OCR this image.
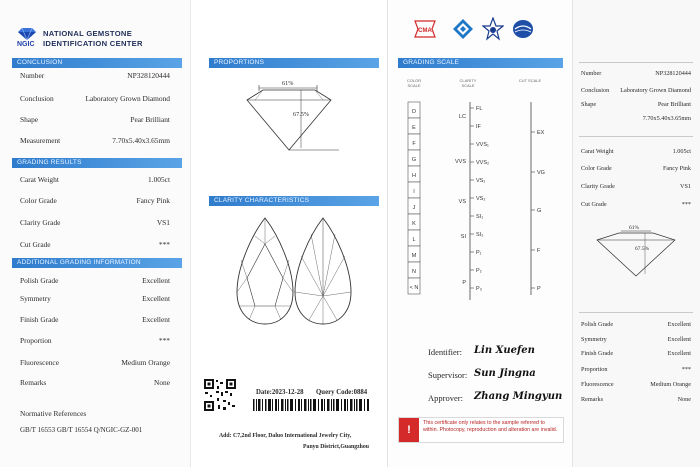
NGIC
NATIONAL GEMSTONE
IDENTIFICATION CENTER
CONCLUSION
Number	NP328120444
Conclusion	Laboratory Grown Diamond
Shape	Pear Brilliant
Measurement	7.70x5.40x3.65mm
GRADING RESULTS
Carat Weight	1.005ct
Color Grade	Fancy Pink
Clarity Grade	VS1
Cut Grade	***
ADDITIONAL GRADING INFORMATION
Polish Grade	Excellent
Symmetry	Excellent
Finish Grade	Excellent
Proportion	***
Fluorescence	Medium Orange
Remarks	None
Normative References
GB/T 16553 GB/T 16554 Q/NGIC-GZ-001
PROPORTIONS
61%
67.5%
CLARITY CHARACTERISTICS
Date:2023-12-28 Query Code:0884
Add: C7,2nd Floor, Daluo International Jewelry City,
Panyu District,Guangzhou
CMA
GRADING SCALE
COLOR SCALE
CLARITY SCALE
CUT SCALE
D
E
F
G
H
I
J
K
L
M
N
< N
FL
IF
VVS₁
VVS₂
VS₁
VS₂
SI₁
SI₂
P₁
P₂
P₃
LC
VVS
VS
SI
P
EX
VG
G
F
P
Identifier: Lin Xuefen
Supervisor: Sun Jingna
Approver: Zhang Mingyun
!
This certificate only relates to the sample referred to within. Photocopy, reproduction and alteration are invalid.
Number	NP328120444
Conclusion Laboratory Grown Diamond
Shape	Pear Brilliant
7.70x5.40x3.65mm
Carat Weight	1.005ct
Color Grade	Fancy Pink
Clarity Grade	VS1
Cut Grade	***
61%
67.5%
Polish Grade	Excellent
Symmetry	Excellent
Finish Grade	Excellent
Proportion	***
Fluorescence	Medium Orange
Remarks	None
